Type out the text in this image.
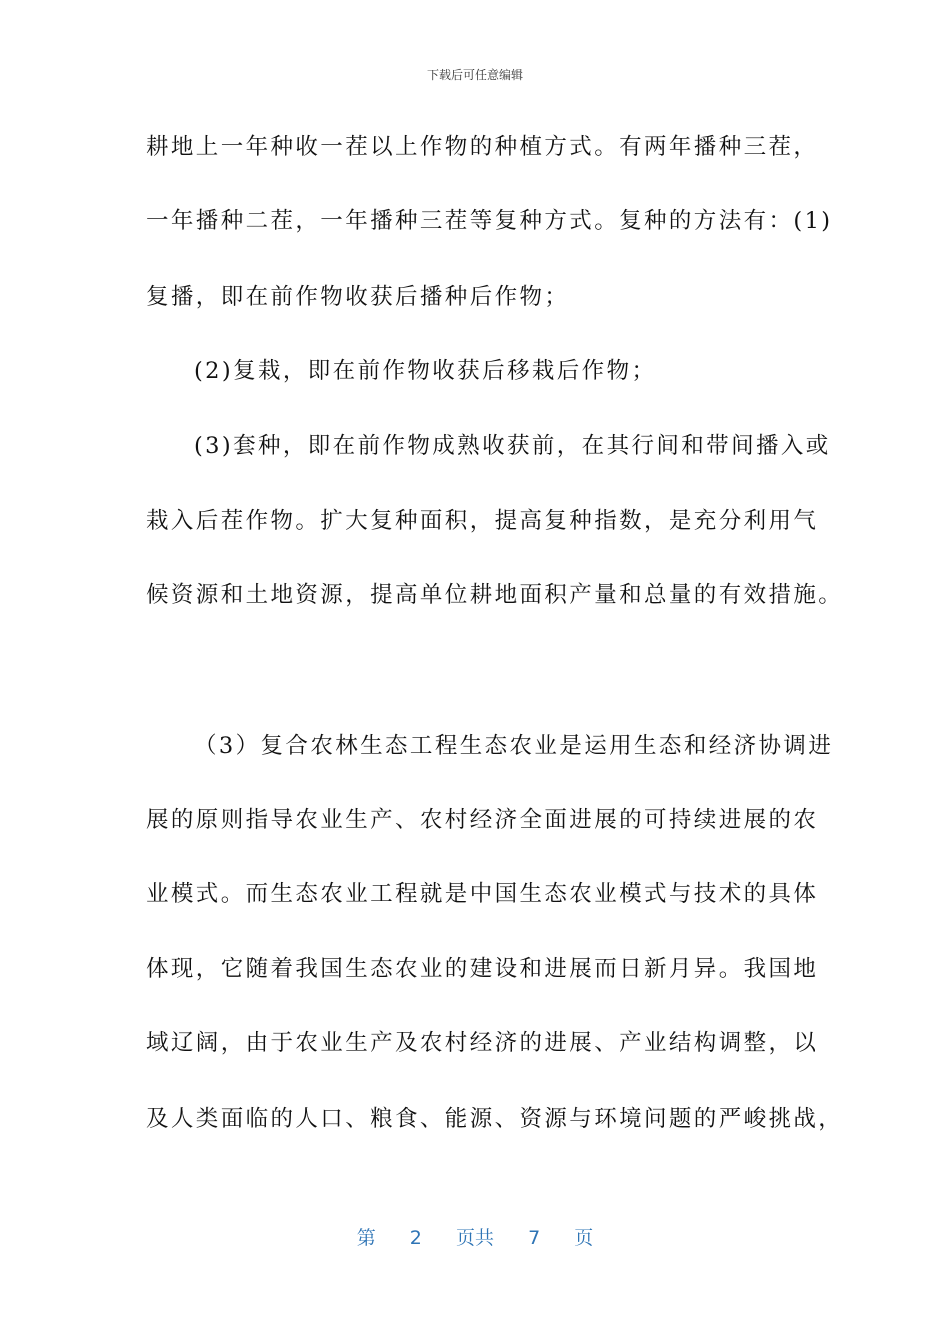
下载后可任意编辑
耕地上一年种收一茬以上作物的种植方式。有两年播种三茬，
一年播种二茬，一年播种三茬等复种方式。复种的方法有：(1)
复播，即在前作物收获后播种后作物；
(2)复栽，即在前作物收获后移栽后作物；
(3)套种，即在前作物成熟收获前，在其行间和带间播入或
栽入后茬作物。扩大复种面积，提高复种指数，是充分利用气
候资源和土地资源，提高单位耕地面积产量和总量的有效措施。
（3）复合农林生态工程生态农业是运用生态和经济协调进
展的原则指导农业生产、农村经济全面进展的可持续进展的农
业模式。而生态农业工程就是中国生态农业模式与技术的具体
体现，它随着我国生态农业的建设和进展而日新月异。我国地
域辽阔，由于农业生产及农村经济的进展、产业结构调整，以
及人类面临的人口、粮食、能源、资源与环境问题的严峻挑战，
第 2 页共 7 页
